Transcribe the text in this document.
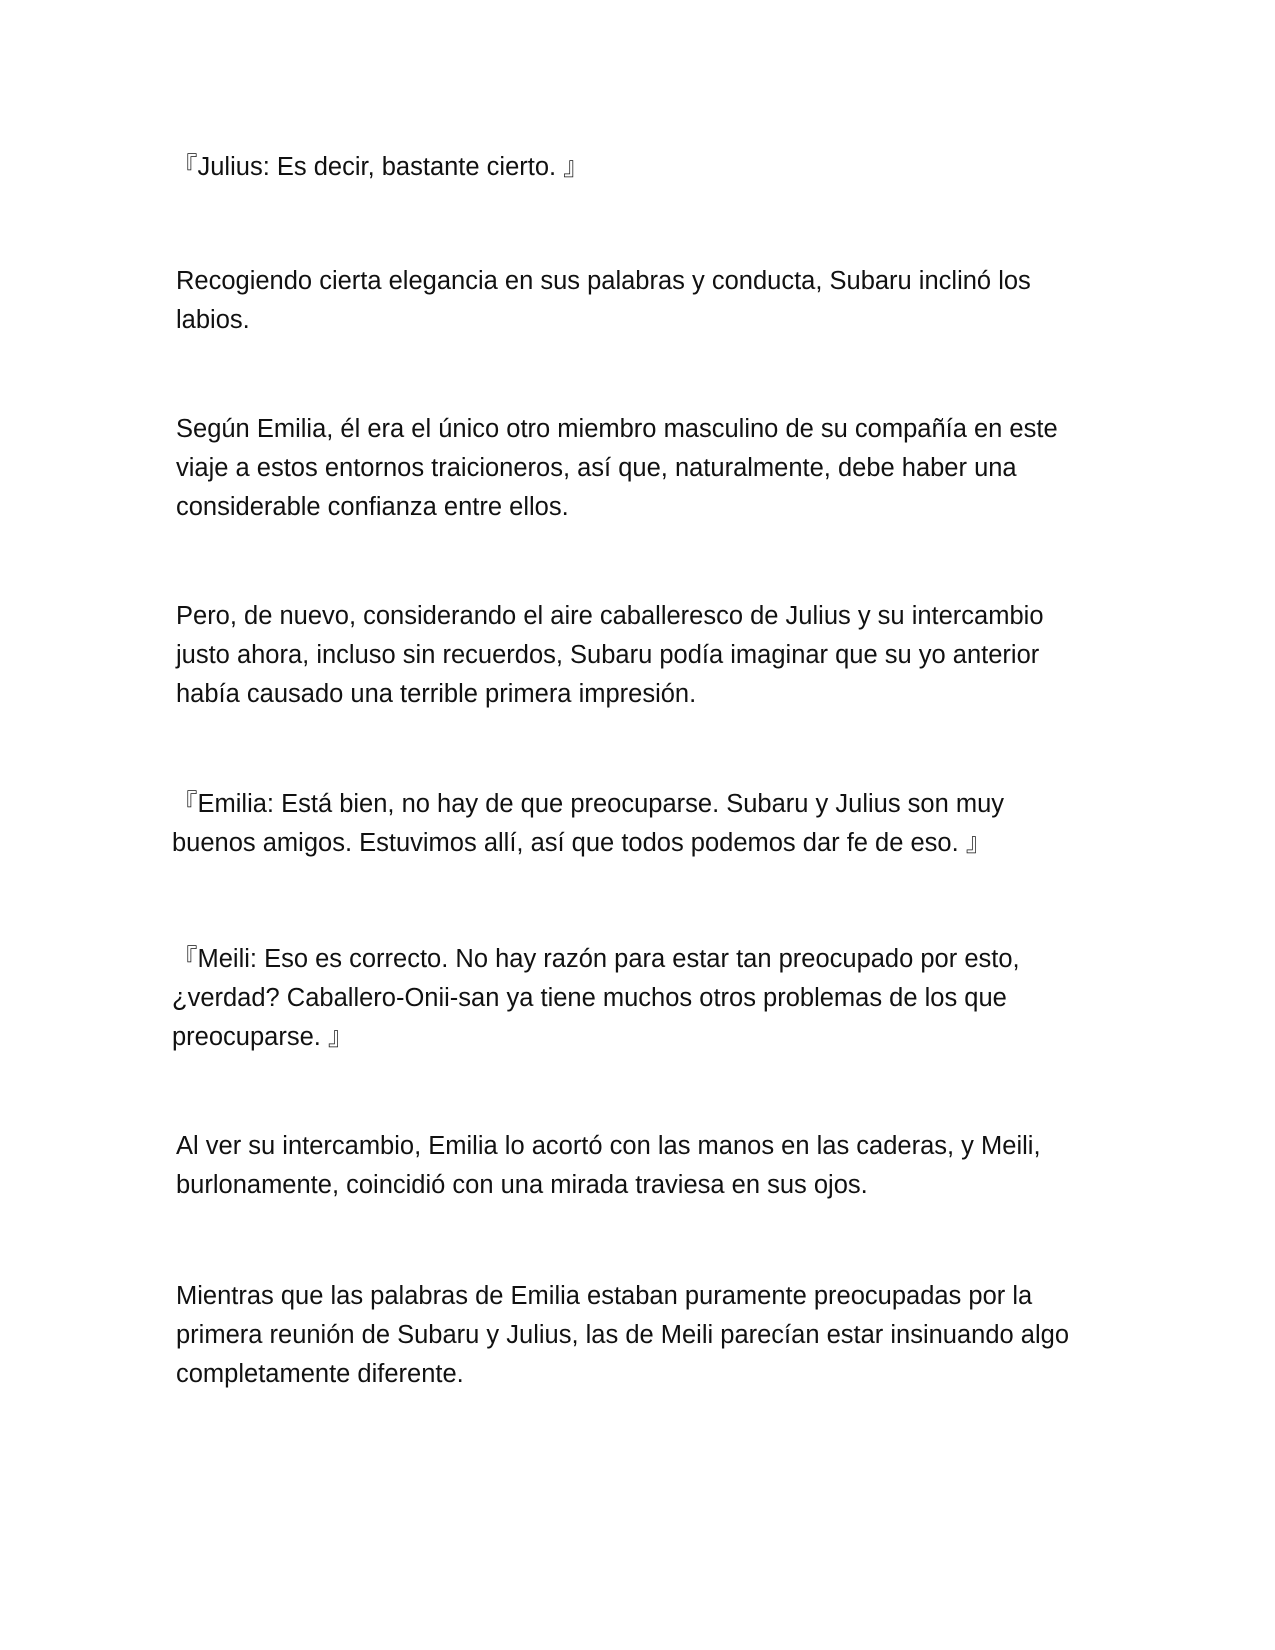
『Julius: Es decir, bastante cierto. 』

Recogiendo cierta elegancia en sus palabras y conducta, Subaru inclinó los labios.

Según Emilia, él era el único otro miembro masculino de su compañía en este viaje a estos entornos traicioneros, así que, naturalmente, debe haber una considerable confianza entre ellos.

Pero, de nuevo, considerando el aire caballeresco de Julius y su intercambio justo ahora, incluso sin recuerdos, Subaru podía imaginar que su yo anterior había causado una terrible primera impresión.

『Emilia: Está bien, no hay de que preocuparse. Subaru y Julius son muy buenos amigos. Estuvimos allí, así que todos podemos dar fe de eso. 』

『Meili: Eso es correcto. No hay razón para estar tan preocupado por esto, ¿verdad? Caballero-Onii-san ya tiene muchos otros problemas de los que preocuparse. 』

Al ver su intercambio, Emilia lo acortó con las manos en las caderas, y Meili, burlonamente, coincidió con una mirada traviesa en sus ojos.

Mientras que las palabras de Emilia estaban puramente preocupadas por la primera reunión de Subaru y Julius, las de Meili parecían estar insinuando algo completamente diferente.
